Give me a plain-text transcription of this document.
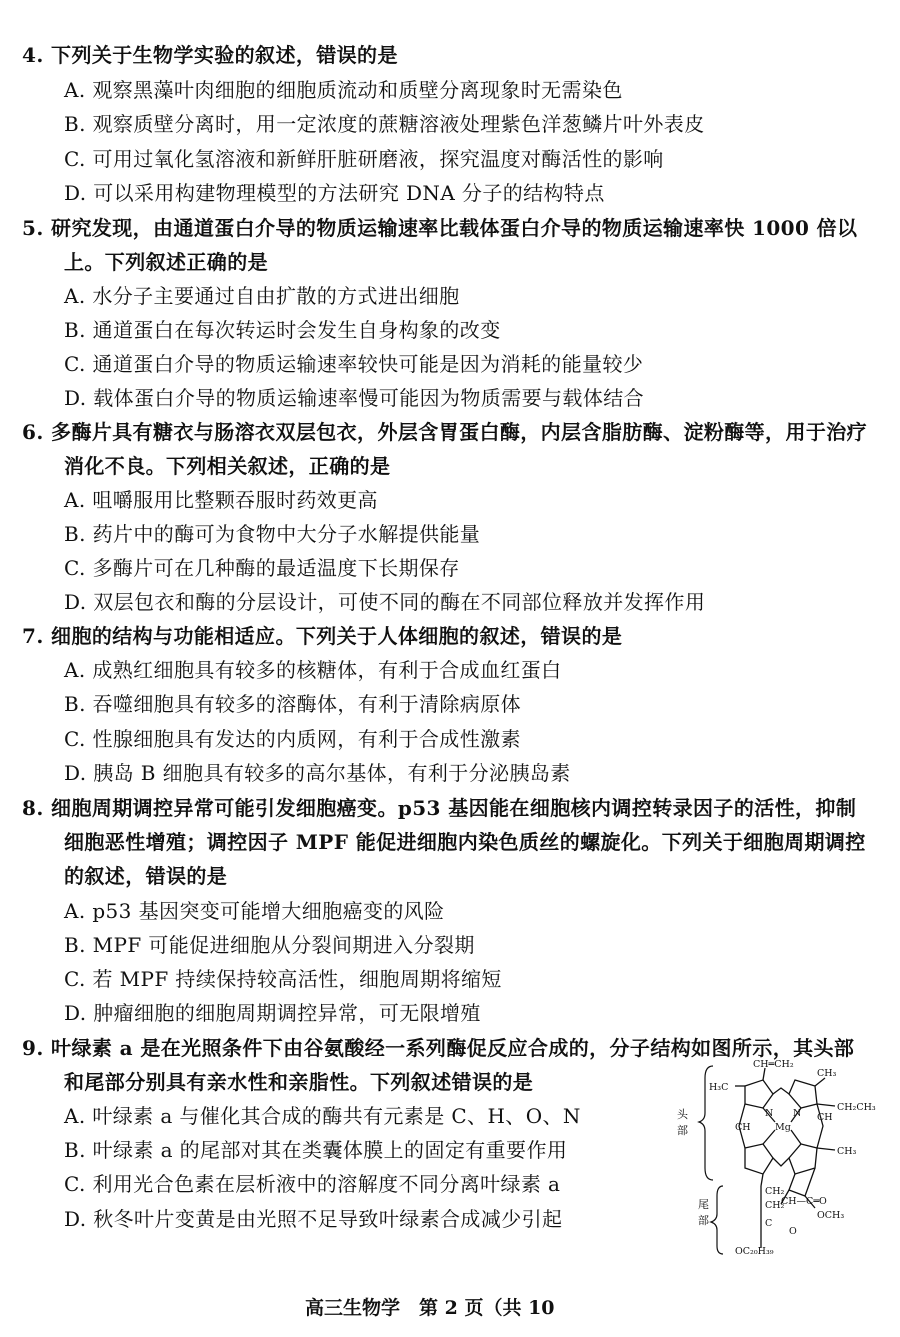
4. 下列关于生物学实验的叙述，错误的是
A. 观察黑藻叶肉细胞的细胞质流动和质壁分离现象时无需染色
B. 观察质壁分离时，用一定浓度的蔗糖溶液处理紫色洋葱鳞片叶外表皮
C. 可用过氧化氢溶液和新鲜肝脏研磨液，探究温度对酶活性的影响
D. 可以采用构建物理模型的方法研究 DNA 分子的结构特点
5. 研究发现，由通道蛋白介导的物质运输速率比载体蛋白介导的物质运输速率快 1000 倍以
上。下列叙述正确的是
A. 水分子主要通过自由扩散的方式进出细胞
B. 通道蛋白在每次转运时会发生自身构象的改变
C. 通道蛋白介导的物质运输速率较快可能是因为消耗的能量较少
D. 载体蛋白介导的物质运输速率慢可能因为物质需要与载体结合
6. 多酶片具有糖衣与肠溶衣双层包衣，外层含胃蛋白酶，内层含脂肪酶、淀粉酶等，用于治疗
消化不良。下列相关叙述，正确的是
A. 咀嚼服用比整颗吞服时药效更高
B. 药片中的酶可为食物中大分子水解提供能量
C. 多酶片可在几种酶的最适温度下长期保存
D. 双层包衣和酶的分层设计，可使不同的酶在不同部位释放并发挥作用
7. 细胞的结构与功能相适应。下列关于人体细胞的叙述，错误的是
A. 成熟红细胞具有较多的核糖体，有利于合成血红蛋白
B. 吞噬细胞具有较多的溶酶体，有利于清除病原体
C. 性腺细胞具有发达的内质网，有利于合成性激素
D. 胰岛 B 细胞具有较多的高尔基体，有利于分泌胰岛素
8. 细胞周期调控异常可能引发细胞癌变。p53 基因能在细胞核内调控转录因子的活性，抑制
细胞恶性增殖；调控因子 MPF 能促进细胞内染色质丝的螺旋化。下列关于细胞周期调控
的叙述，错误的是
A. p53 基因突变可能增大细胞癌变的风险
B. MPF 可能促进细胞从分裂间期进入分裂期
C. 若 MPF 持续保持较高活性，细胞周期将缩短
D. 肿瘤细胞的细胞周期调控异常，可无限增殖
9. 叶绿素 a 是在光照条件下由谷氨酸经一系列酶促反应合成的，分子结构如图所示，其头部
和尾部分别具有亲水性和亲脂性。下列叙述错误的是
A. 叶绿素 a 与催化其合成的酶共有元素是 C、H、O、N
B. 叶绿素 a 的尾部对其在类囊体膜上的固定有重要作用
C. 利用光合色素在层析液中的溶解度不同分离叶绿素 a
D. 秋冬叶片变黄是由光照不足导致叶绿素合成减少引起
头
部
尾
部
CH═CH₂
CH₃
CH₂CH₃
H₃C
CH
CH	Mg
N N
CH₃
CH₂
CH₂
CH—C═O
OCH₃
C
O
OC₂₀H₃₉
高三生物学　第 2 页（共 10
